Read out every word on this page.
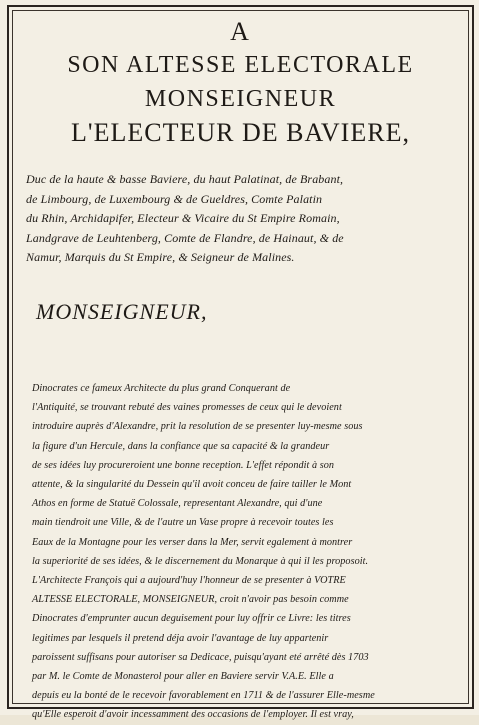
A
SON ALTESSE ELECTORALE
MONSEIGNEUR
L'ELECTEUR DE BAVIERE,
Duc de la haute & basse Baviere, du haut Palatinat, de Brabant,
de Limbourg, de Luxembourg & de Gueldres, Comte Palatin
du Rhin, Archidapifer, Electeur & Vicaire du St Empire Romain,
Landgrave de Leuhtenberg, Comte de Flandre, de Hainaut, & de
Namur, Marquis du St Empire, & Seigneur de Malines.
MONSEIGNEUR,
Dinocrates ce fameux Architecte du plus grand Conquerant de
l'Antiquité, se trouvant rebuté des vaines promesses de ceux qui le devoient
introduire auprès d'Alexandre, prit la resolution de se presenter luy-mesme sous
la figure d'un Hercule, dans la confiance que sa capacité & la grandeur
de ses idées luy procureroient une bonne reception. L'effet répondit à son
attente, & la singularité du Dessein qu'il avoit conceu de faire tailler le Mont
Athos en forme de Statuë Colossale, representant Alexandre, qui d'une
main tiendroit une Ville, & de l'autre un Vase propre à recevoir toutes les
Eaux de la Montagne pour les verser dans la Mer, servit egalement à montrer
la superiorité de ses idées, & le discernement du Monarque à qui il les proposoit.
L'Architecte François qui a aujourd'huy l'honneur de se presenter à VOTRE
ALTESSE ELECTORALE, MONSEIGNEUR, croit n'avoir pas besoin comme
Dinocrates d'emprunter aucun deguisement pour luy offrir ce Livre: les titres
legitimes par lesquels il pretend déja avoir l'avantage de luy appartenir
paroissent suffisans pour autoriser sa Dedicace, puisqu'ayant eté arrêté dès 1703
par M. le Comte de Monasterol pour aller en Baviere servir V.A.E. Elle a
depuis eu la bonté de le recevoir favorablement en 1711 & de l'assurer Elle-mesme
qu'Elle esperoit d'avoir incessamment des occasions de l'employer. Il est vray,
